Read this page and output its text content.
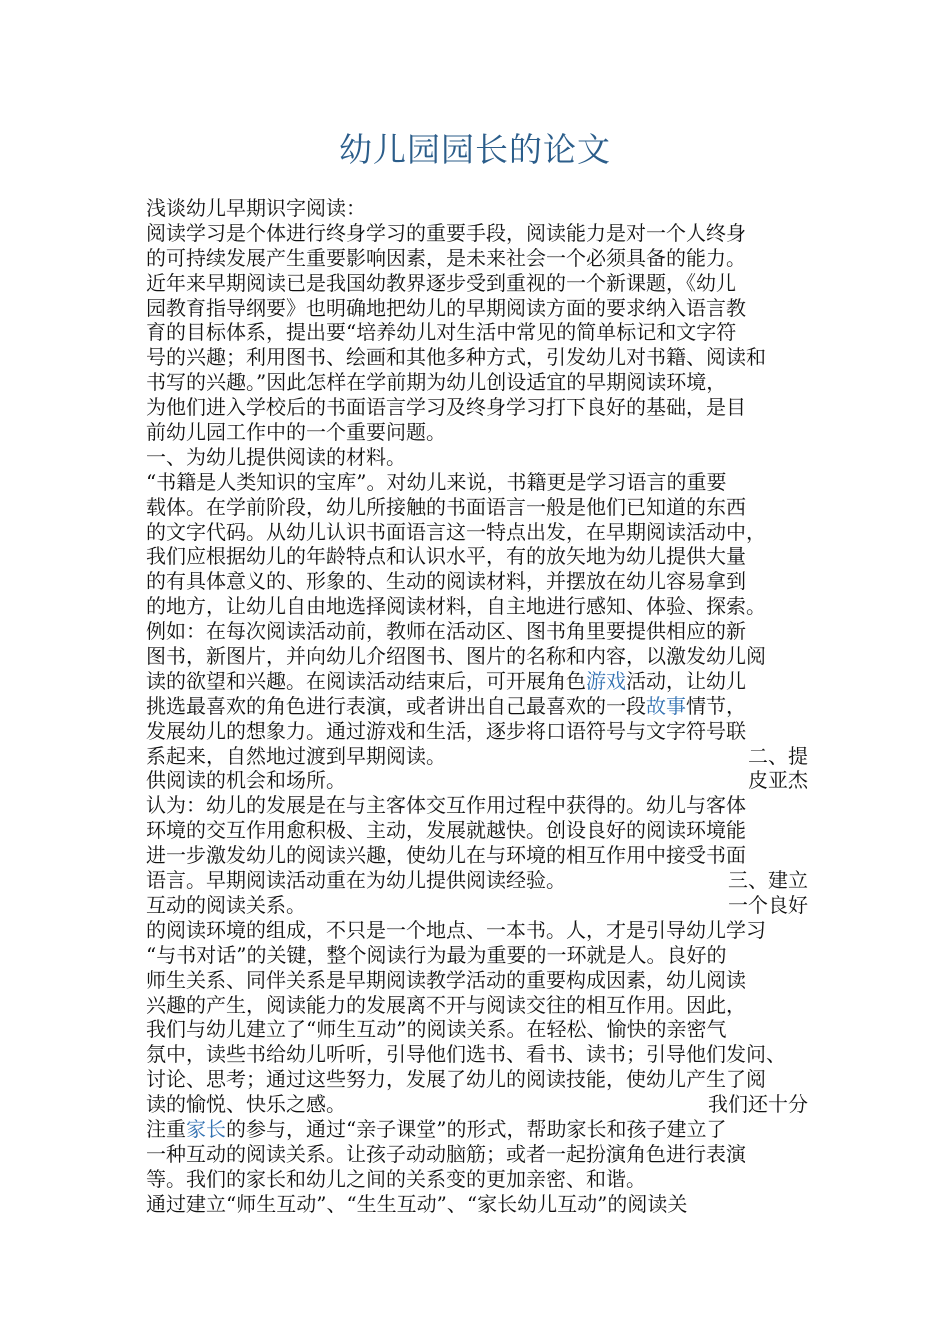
幼儿园园长的论文
浅谈幼儿早期识字阅读：
阅读学习是个体进行终身学习的重要手段，阅读能力是对一个人终身
的可持续发展产生重要影响因素，是未来社会一个必须具备的能力。
近年来早期阅读已是我国幼教界逐步受到重视的一个新课题，《幼儿
园教育指导纲要》也明确地把幼儿的早期阅读方面的要求纳入语言教
育的目标体系，提出要“培养幼儿对生活中常见的简单标记和文字符
号的兴趣；利用图书、绘画和其他多种方式，引发幼儿对书籍、阅读和
书写的兴趣。”因此怎样在学前期为幼儿创设适宜的早期阅读环境，
为他们进入学校后的书面语言学习及终身学习打下良好的基础，是目
前幼儿园工作中的一个重要问题。
一、为幼儿提供阅读的材料。
“书籍是人类知识的宝库”。对幼儿来说，书籍更是学习语言的重要
载体。在学前阶段，幼儿所接触的书面语言一般是他们已知道的东西
的文字代码。从幼儿认识书面语言这一特点出发，在早期阅读活动中，
我们应根据幼儿的年龄特点和认识水平，有的放矢地为幼儿提供大量
的有具体意义的、形象的、生动的阅读材料，并摆放在幼儿容易拿到
的地方，让幼儿自由地选择阅读材料，自主地进行感知、体验、探索。
例如：在每次阅读活动前，教师在活动区、图书角里要提供相应的新
图书，新图片，并向幼儿介绍图书、图片的名称和内容，以激发幼儿阅
读的欲望和兴趣。在阅读活动结束后，可开展角色游戏活动，让幼儿
挑选最喜欢的角色进行表演，或者讲出自己最喜欢的一段故事情节，
发展幼儿的想象力。通过游戏和生活，逐步将口语符号与文字符号联
系起来，自然地过渡到早期阅读。	二、提
供阅读的机会和场所。	皮亚杰
认为：幼儿的发展是在与主客体交互作用过程中获得的。幼儿与客体
环境的交互作用愈积极、主动，发展就越快。创设良好的阅读环境能
进一步激发幼儿的阅读兴趣，使幼儿在与环境的相互作用中接受书面
语言。早期阅读活动重在为幼儿提供阅读经验。	三、建立
互动的阅读关系。	一个良好
的阅读环境的组成，不只是一个地点、一本书。人，才是引导幼儿学习
“与书对话”的关键，整个阅读行为最为重要的一环就是人。良好的
师生关系、同伴关系是早期阅读教学活动的重要构成因素，幼儿阅读
兴趣的产生，阅读能力的发展离不开与阅读交往的相互作用。因此，
我们与幼儿建立了“师生互动”的阅读关系。在轻松、愉快的亲密气
氛中，读些书给幼儿听听，引导他们选书、看书、读书；引导他们发问、
讨论、思考；通过这些努力，发展了幼儿的阅读技能，使幼儿产生了阅
读的愉悦、快乐之感。	我们还十分
注重家长的参与，通过“亲子课堂”的形式，帮助家长和孩子建立了
一种互动的阅读关系。让孩子动动脑筋；或者一起扮演角色进行表演
等。我们的家长和幼儿之间的关系变的更加亲密、和谐。
通过建立“师生互动”、“生生互动”、“家长幼儿互动”的阅读关
